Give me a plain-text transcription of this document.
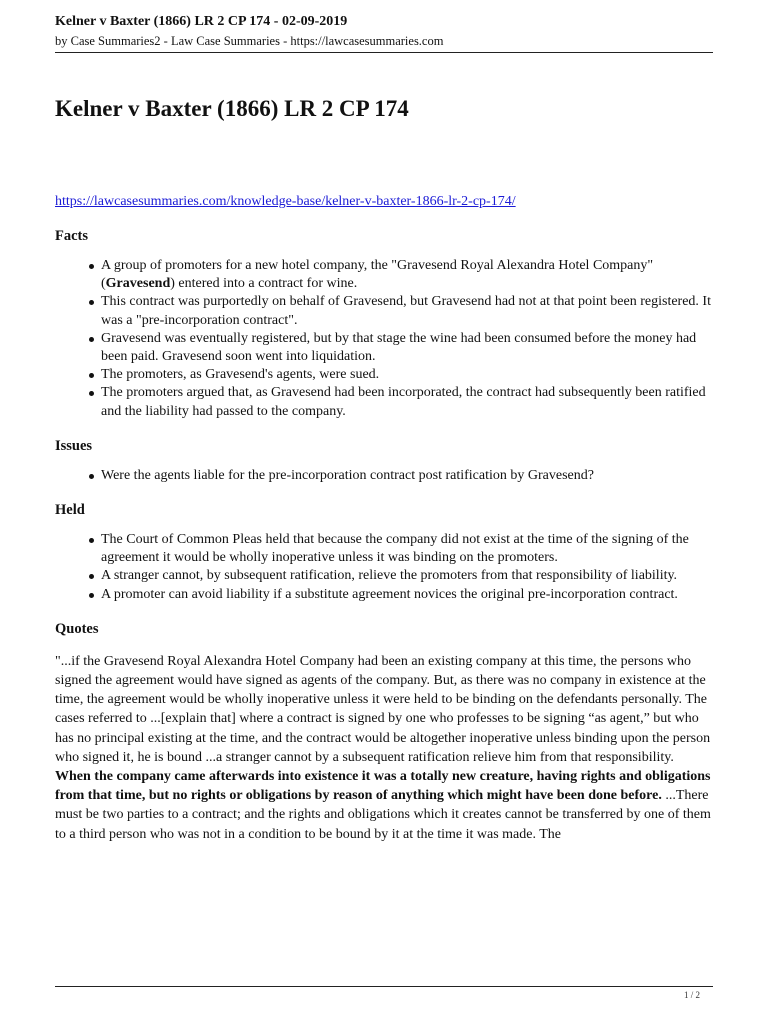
Kelner v Baxter (1866) LR 2 CP 174 - 02-09-2019

by Case Summaries2 - Law Case Summaries - https://lawcasesummaries.com

Kelner v Baxter (1866) LR 2 CP 174
https://lawcasesummaries.com/knowledge-base/kelner-v-baxter-1866-lr-2-cp-174/
Facts
A group of promoters for a new hotel company, the "Gravesend Royal Alexandra Hotel Company" (Gravesend) entered into a contract for wine.
This contract was purportedly on behalf of Gravesend, but Gravesend had not at that point been registered. It was a "pre-incorporation contract".
Gravesend was eventually registered, but by that stage the wine had been consumed before the money had been paid. Gravesend soon went into liquidation.
The promoters, as Gravesend's agents, were sued.
The promoters argued that, as Gravesend had been incorporated, the contract had subsequently been ratified and the liability had passed to the company.
Issues
Were the agents liable for the pre-incorporation contract post ratification by Gravesend?
Held
The Court of Common Pleas held that because the company did not exist at the time of the signing of the agreement it would be wholly inoperative unless it was binding on the promoters.
A stranger cannot, by subsequent ratification, relieve the promoters from that responsibility of liability.
A promoter can avoid liability if a substitute agreement novices the original pre-incorporation contract.
Quotes

"...if the Gravesend Royal Alexandra Hotel Company had been an existing company at this time, the persons who signed the agreement would have signed as agents of the company. But, as there was no company in existence at the time, the agreement would be wholly inoperative unless it were held to be binding on the defendants personally. The cases referred to ...[explain that] where a contract is signed by one who professes to be signing “as agent,” but who has no principal existing at the time, and the contract would be altogether inoperative unless binding upon the person who signed it, he is bound ...a stranger cannot by a subsequent ratification relieve him from that responsibility. When the company came afterwards into existence it was a totally new creature, having rights and obligations from that time, but no rights or obligations by reason of anything which might have been done before. ...There must be two parties to a contract; and the rights and obligations which it creates cannot be transferred by one of them to a third person who was not in a condition to be bound by it at the time it was made. The

1 / 2
